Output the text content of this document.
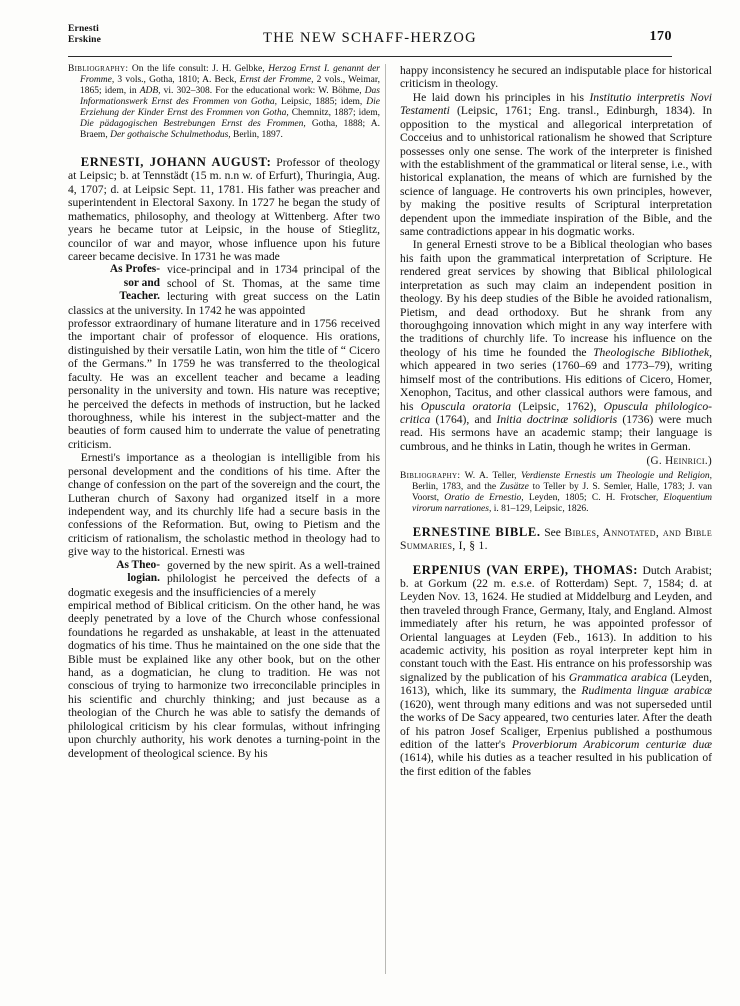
Ernesti
Erskine	THE NEW SCHAFF-HERZOG	170

Bibliography: On the life consult: J. H. Gelbke, Herzog Ernst I. genannt der Fromme, 3 vols., Gotha, 1810; A. Beck, Ernst der Fromme, 2 vols., Weimar, 1865; idem, in ADB, vi. 302–308. For the educational work: W. Böhme, Das Informationswerk Ernst des Frommen von Gotha, Leipsic, 1885; idem, Die Erziehung der Kinder Ernst des Frommen von Gotha, Chemnitz, 1887; idem, Die pädagogischen Bestrebungen Ernst des Frommen, Gotha, 1888; A. Braem, Der gothaische Schulmethodus, Berlin, 1897.

ERNESTI, JOHANN AUGUST: Professor of theology at Leipsic; b. at Tennstädt (15 m. n.n w. of Erfurt), Thuringia, Aug. 4, 1707; d. at Leipsic Sept. 11, 1781. His father was preacher and superintendent in Electoral Saxony. In 1727 he began the study of mathematics, philosophy, and theology at Wittenberg. After two years he became tutor at Leipsic, in the house of Stieglitz, councilor of war and mayor, whose influence upon his future career became decisive. In 1731 he was made

As Profes-
sor and
Teacher.

vice-principal and in 1734 principal of the school of St. Thomas, at the same time lecturing with great success on the Latin classics at the university. In 1742 he was appointed

professor extraordinary of humane literature and in 1756 received the important chair of professor of eloquence. His orations, distinguished by their versatile Latin, won him the title of “ Cicero of the Germans.” In 1759 he was transferred to the theological faculty. He was an excellent teacher and became a leading personality in the university and town. His nature was receptive; he perceived the defects in methods of instruction, but he lacked thoroughness, while his interest in the subject-matter and the beauties of form caused him to underrate the value of penetrating criticism.

Ernesti's importance as a theologian is intelligible from his personal development and the conditions of his time. After the change of confession on the part of the sovereign and the court, the Lutheran church of Saxony had organized itself in a more independent way, and its churchly life had a secure basis in the confessions of the Reformation. But, owing to Pietism and the criticism of rationalism, the scholastic method in theology had to give way to the historical. Ernesti was

As Theo-
logian.

governed by the new spirit. As a well-trained philologist he perceived the defects of a dogmatic exegesis and the insufficiencies of a merely

empirical method of Biblical criticism. On the other hand, he was deeply penetrated by a love of the Church whose confessional foundations he regarded as unshakable, at least in the attenuated dogmatics of his time. Thus he maintained on the one side that the Bible must be explained like any other book, but on the other hand, as a dogmatician, he clung to tradition. He was not conscious of trying to harmonize two irreconcilable principles in his scientific and churchly thinking; and just because as a theologian of the Church he was able to satisfy the demands of philological criticism by his clear formulas, without infringing upon churchly authority, his work denotes a turning-point in the development of theological science. By his

happy inconsistency he secured an indisputable place for historical criticism in theology.

He laid down his principles in his Institutio interpretis Novi Testamenti (Leipsic, 1761; Eng. transl., Edinburgh, 1834). In opposition to the mystical and allegorical interpretation of Cocceius and to unhistorical rationalism he showed that Scripture possesses only one sense. The work of the interpreter is finished with the establishment of the grammatical or literal sense, i.e., with historical explanation, the means of which are furnished by the science of language. He controverts his own principles, however, by making the positive results of Scriptural interpretation dependent upon the immediate inspiration of the Bible, and the same contradictions appear in his dogmatic works.

In general Ernesti strove to be a Biblical theologian who bases his faith upon the grammatical interpretation of Scripture. He rendered great services by showing that Biblical philological interpretation as such may claim an independent position in theology. By his deep studies of the Bible he avoided rationalism, Pietism, and dead orthodoxy. But he shrank from any thoroughgoing innovation which might in any way interfere with the traditions of churchly life. To increase his influence on the theology of his time he founded the Theologische Bibliothek, which appeared in two series (1760–69 and 1773–79), writing himself most of the contributions. His editions of Cicero, Homer, Xenophon, Tacitus, and other classical authors were famous, and his Opuscula oratoria (Leipsic, 1762), Opuscula philologico-critica (1764), and Initia doctrinæ solidioris (1736) were much read. His sermons have an academic stamp; their language is cumbrous, and he thinks in Latin, though he writes in German.

(G. Heinrici.)

Bibliography: W. A. Teller, Verdienste Ernestis um Theologie und Religion, Berlin, 1783, and the Zusätze to Teller by J. S. Semler, Halle, 1783; J. van Voorst, Oratio de Ernestio, Leyden, 1805; C. H. Frotscher, Eloquentium virorum narrationes, i. 81–129, Leipsic, 1826.

ERNESTINE BIBLE. See Bibles, Annotated, and Bible Summaries, I, § 1.

ERPENIUS (VAN ERPE), THOMAS: Dutch Arabist; b. at Gorkum (22 m. e.s.e. of Rotterdam) Sept. 7, 1584; d. at Leyden Nov. 13, 1624. He studied at Middelburg and Leyden, and then traveled through France, Germany, Italy, and England. Almost immediately after his return, he was appointed professor of Oriental languages at Leyden (Feb., 1613). In addition to his academic activity, his position as royal interpreter kept him in constant touch with the East. His entrance on his professorship was signalized by the publication of his Grammatica arabica (Leyden, 1613), which, like its summary, the Rudimenta linguæ arabicæ (1620), went through many editions and was not superseded until the works of De Sacy appeared, two centuries later. After the death of his patron Josef Scaliger, Erpenius published a posthumous edition of the latter's Proverbiorum Arabicorum centuriæ duæ (1614), while his duties as a teacher resulted in his publication of the first edition of the fables
